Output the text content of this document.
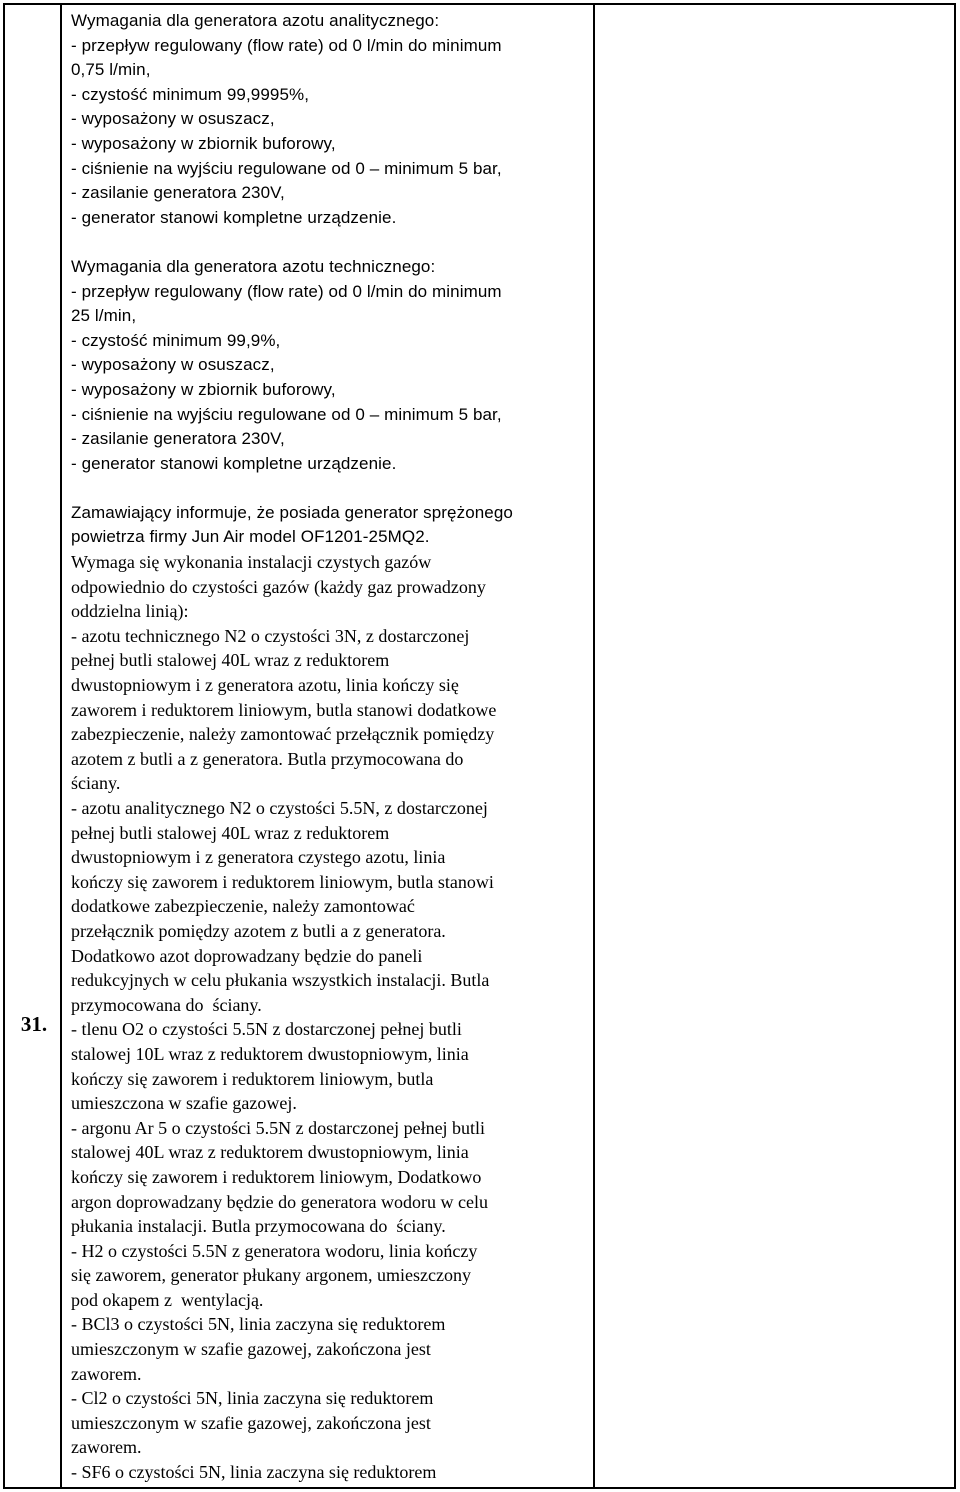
31.

Wymagania dla generatora azotu analitycznego:

- przepływ regulowany (flow rate) od 0 l/min do minimum

0,75 l/min,

- czystość minimum 99,9995%,

- wyposażony w osuszacz,

- wyposażony w zbiornik buforowy,

- ciśnienie na wyjściu regulowane od 0 – minimum 5 bar,

- zasilanie generatora 230V,

- generator stanowi kompletne urządzenie.

Wymagania dla generatora azotu technicznego:

- przepływ regulowany (flow rate) od 0 l/min do minimum

25 l/min,

- czystość minimum 99,9%,

- wyposażony w osuszacz,

- wyposażony w zbiornik buforowy,

- ciśnienie na wyjściu regulowane od 0 – minimum 5 bar,

- zasilanie generatora 230V,

- generator stanowi kompletne urządzenie.

Zamawiający informuje, że posiada generator sprężonego

powietrza firmy Jun Air model OF1201-25MQ2.

Wymaga się wykonania instalacji czystych gazów

odpowiednio do czystości gazów (każdy gaz prowadzony

oddzielna linią):

- azotu technicznego N2 o czystości 3N, z dostarczonej

pełnej butli stalowej 40L wraz z reduktorem

dwustopniowym i z generatora azotu, linia kończy się

zaworem i reduktorem liniowym, butla stanowi dodatkowe

zabezpieczenie, należy zamontować przełącznik pomiędzy

azotem z butli a z generatora. Butla przymocowana do

ściany.

- azotu analitycznego N2 o czystości 5.5N, z dostarczonej

pełnej butli stalowej 40L wraz z reduktorem

dwustopniowym i z generatora czystego azotu, linia

kończy się zaworem i reduktorem liniowym, butla stanowi

dodatkowe zabezpieczenie, należy zamontować

przełącznik pomiędzy azotem z butli a z generatora.

Dodatkowo azot doprowadzany będzie do paneli

redukcyjnych w celu płukania wszystkich instalacji. Butla

przymocowana do  ściany.

- tlenu O2 o czystości 5.5N z dostarczonej pełnej butli

stalowej 10L wraz z reduktorem dwustopniowym, linia

kończy się zaworem i reduktorem liniowym, butla

umieszczona w szafie gazowej.

- argonu Ar 5 o czystości 5.5N z dostarczonej pełnej butli

stalowej 40L wraz z reduktorem dwustopniowym, linia

kończy się zaworem i reduktorem liniowym, Dodatkowo

argon doprowadzany będzie do generatora wodoru w celu

płukania instalacji. Butla przymocowana do  ściany.

- H2 o czystości 5.5N z generatora wodoru, linia kończy

się zaworem, generator płukany argonem, umieszczony

pod okapem z  wentylacją.

- BCl3 o czystości 5N, linia zaczyna się reduktorem

umieszczonym w szafie gazowej, zakończona jest

zaworem.

- Cl2 o czystości 5N, linia zaczyna się reduktorem

umieszczonym w szafie gazowej, zakończona jest

zaworem.

- SF6 o czystości 5N, linia zaczyna się reduktorem
